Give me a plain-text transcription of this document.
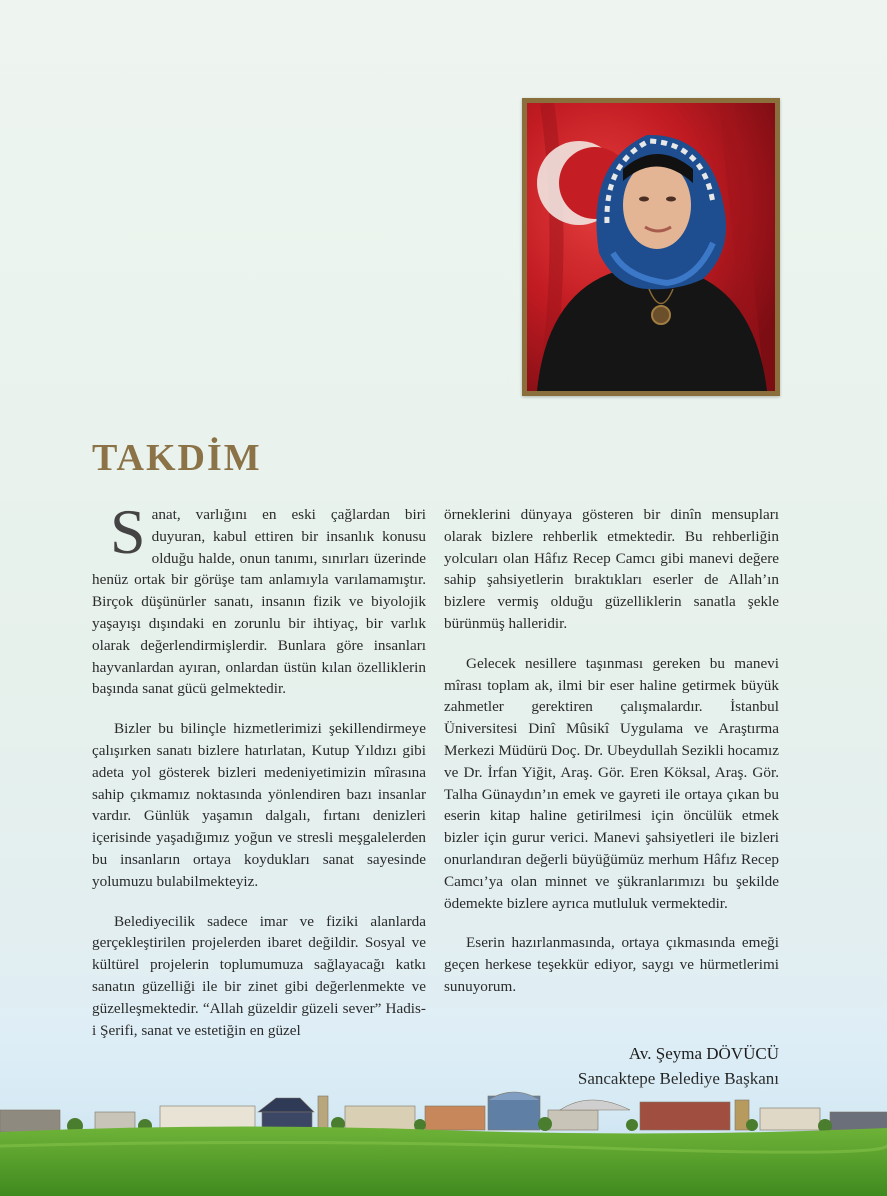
TAKDİM

Sanat, varlığını en eski çağlardan biri duyuran, kabul ettiren bir insanlık konusu olduğu halde, onun tanımı, sınırları üzerinde henüz ortak bir görüşe tam anlamıyla varılamamıştır. Birçok düşünürler sanatı, insanın fizik ve biyolojik yaşayışı dışındaki en zorunlu bir ihtiyaç, bir varlık olarak değerlendirmişlerdir. Bunlara göre insanları hayvanlardan ayıran, onlardan üstün kılan özelliklerin başında sanat gücü gelmektedir.

Bizler bu bilinçle hizmetlerimizi şekillendirmeye çalışırken sanatı bizlere hatırlatan, Kutup Yıldızı gibi adeta yol gösterek bizleri medeniyetimizin mîrasına sahip çıkmamız noktasında yönlendiren bazı insanlar vardır. Günlük yaşamın dalgalı, fırtanı denizleri içerisinde yaşadığımız yoğun ve stresli meşgalelerden bu insanların ortaya koydukları sanat sayesinde yolumuzu bulabilmekteyiz.

Belediyecilik sadece imar ve fiziki alanlarda gerçekleştirilen projelerden ibaret değildir. Sosyal ve kültürel projelerin toplumumuza sağlayacağı katkı sanatın güzelliği ile bir zinet gibi değerlenmekte ve güzelleşmektedir. “Allah güzeldir güzeli sever” Hadis-i Şerifi, sanat ve estetiğin en güzel

örneklerini dünyaya gösteren bir dinîn mensupları olarak bizlere rehberlik etmektedir. Bu rehberliğin yolcuları olan Hâfız Recep Camcı gibi manevi değere sahip şahsiyetlerin bıraktıkları eserler de Allah’ın bizlere vermiş olduğu güzelliklerin sanatla şekle bürünmüş halleridir.

Gelecek nesillere taşınması gereken bu manevi mîrası toplam ak, ilmi bir eser haline getirmek büyük zahmetler gerektiren çalışmalardır. İstanbul Üniversitesi Dinî Mûsikî Uygulama ve Araştırma Merkezi Müdürü Doç. Dr. Ubeydullah Sezikli hocamız ve Dr. İrfan Yiğit, Araş. Gör. Eren Köksal, Araş. Gör. Talha Günaydın’ın emek ve gayreti ile ortaya çıkan bu eserin kitap haline getirilmesi için öncülük etmek bizler için gurur verici. Manevi şahsiyetleri ile bizleri onurlandıran değerli büyüğümüz merhum Hâfız Recep Camcı’ya olan minnet ve şükranlarımızı bu şekilde ödemekte bizlere ayrıca mutluluk vermektedir.

Eserin hazırlanmasında, ortaya çıkmasında emeği geçen herkese teşekkür ediyor, saygı ve hürmetlerimi sunuyorum.

Av. Şeyma DÖVÜCÜ
